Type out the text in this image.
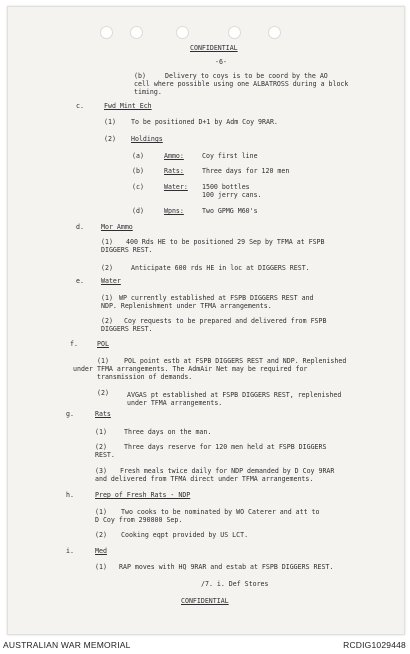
CONFIDENTIAL
-6-
(b)	Delivery to coys is to be coord by the AO
cell where possible using one ALBATROSS during a block
timing.
c.	Fwd Mint Ech
(1) To be positioned D+1 by Adm Coy 9RAR.
(2) Holdings
(a)	Ammo:	Coy first line
(b)	Rats:	Three days for 120 men
(c)	Water: 1500 bottles
100 jerry cans.
(d)	Wpns:	Two GPMG M60's
d.	Mor Ammo
(1) 400 Rds HE to be positioned 29 Sep by TFMA at FSPB
DIGGERS REST.
(2)	Anticipate 600 rds HE in loc at DIGGERS REST.
e.	Water
(1) WP currently established at FSPB DIGGERS REST and
NDP. Replenishment under TFMA arrangements.
(2) Coy requests to be prepared and delivered from FSPB
DIGGERS REST.
f.	POL
(1) POL point estb at FSPB DIGGERS REST and NDP. Replenished
under TFMA arrangements. The AdmAir Net may be required for
transmission of demands.
(2)	AVGAS pt established at FSPB DIGGERS REST, replenished
under TFMA arrangements.
g.	Rats
(1)	Three days on the man.
(2)	Three days reserve for 120 men held at FSPB DIGGERS
REST.
(3) Fresh meals twice daily for NDP demanded by D Coy 9RAR
and delivered from TFMA direct under TFMA arrangements.
h.	Prep of Fresh Rats - NDP
(1) Two cooks to be nominated by WO Caterer and att to
D Coy from 290800 Sep.
(2) Cooking eqpt provided by US LCT.
i.	Med
(1) RAP moves with HQ 9RAR and estab at FSPB DIGGERS REST.
/7. i. Def Stores
CONFIDENTIAL
AUSTRALIAN WAR MEMORIAL	RCDIG1029448
